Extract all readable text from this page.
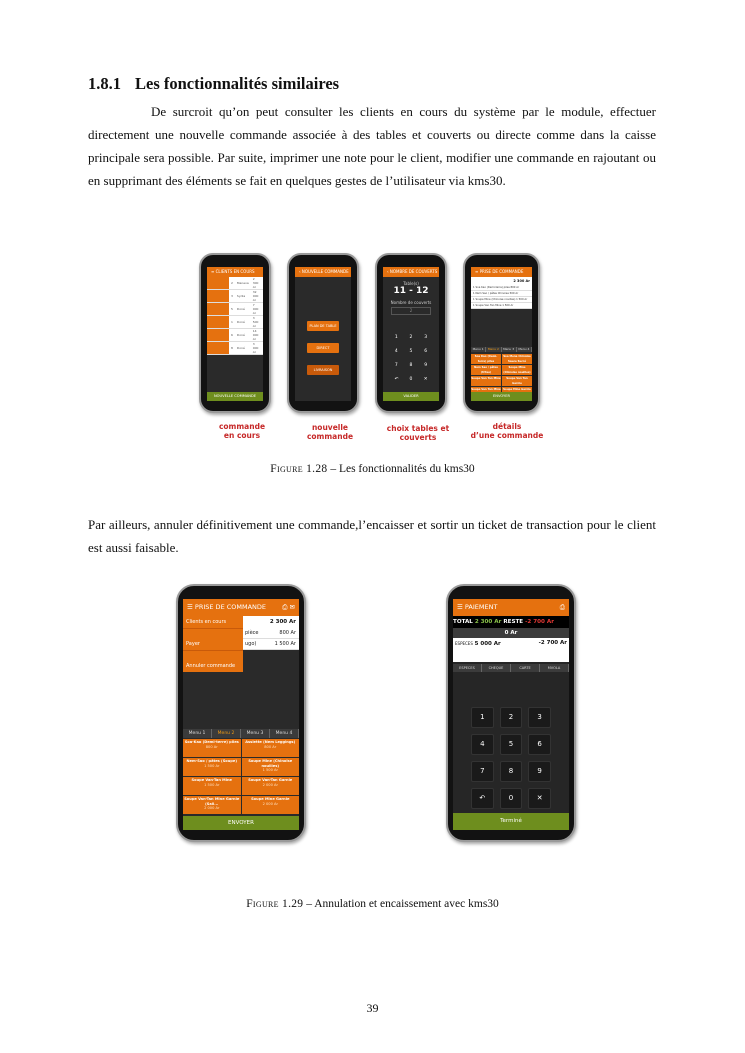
1.8.1 Les fonctionnalités similaires
De surcroit qu’on peut consulter les clients en cours du système par le module, effectuer directement une nouvelle commande associée à des tables et couverts ou directe comme dans la caisse principale sera possible. Par suite, imprimer une note pour le client, modifier une commande en rajoutant ou en supprimant des éléments se fait en quelques gestes de l’utilisateur via kms30.
≡ CLIENTS EN COURS
	2	Maneva	2 300 Ar
	3	Sydia	32 000 Ar
	5	Doné	7 000 Ar
	1	Doné	3 500 Ar
	6	Doné	14 000 Ar
	8	Doné	3 000 Ar
NOUVELLE COMMANDE
‹ NOUVELLE COMMANDE
PLAN DE TABLE
DIRECT
LIVRAISON
‹ NOMBRE DE COUVERTS
Table(s)
11 - 12
Nombre de couverts
2
1	2	3
4	5	6
7	8	9
↶	0	✕
VALIDER
≡ PRISE DE COMMANDE
2 300 Ar
1 Soa Kao (Demi-terre) piles 800 Ar
1 Nem Sao / pâtes Chinoise 500 Ar
1 Soupe Mine (Chinoise nouilles) 1 500 Ar
1 Soupe Van Tan Mine 1 500 Ar
Menu 1	Menu 2	Menu 3	Menu 4
Soa Kao (Demi-terre) piles
Soa Mena Chinoise Sauce Sucré
Nem Sao / pâtes (frites)
Soupe Mine (Chinoise nouilles)
Soupe Van Tan Mine	Soupe Van Tan Garnie
Soupe Van Tan Mine Soupe Mine Garnie
ENVOYER
commande
en cours
nouvelle
commande
choix tables et
couverts
détails
d’une commande
Figure 1.28 – Les fonctionnalités du kms30
Par ailleurs, annuler définitivement une commande,l’encaisser et sortir un ticket de transaction pour le client est aussi faisable.
☰ PRISE DE COMMANDE	⎙ ✉
2 300 Ar
pièce	800 Ar
ugo)	1 500 Ar
Clients en cours
Payer
Annuler commande
Menu 1	Menu 2	Menu 3	Menu 4
Soa-Kao (Demi-terre) piles
800 Ar
Assiette (Nem Leggings)
800 Ar
Nem-Sao / pâtes (Soupe)
1 500 Ar
Soupe Mine (Chinoise nouilles)
1 500 Ar
Soupe Van-Tan Mine
1 500 Ar
Soupe Van-Tan Garnie
2 000 Ar
Soupe Van-Tan Mine Garnie (Sali...
2 000 Ar
Soupe Mine Garnie
2 000 Ar
ENVOYER
☰ PAIEMENT	⎙
TOTAL 2 300 Ar RESTE -2 700 Ar
0 Ar
ESPECES 5 000 Ar	-2 700 Ar
ESPECES	CHEQUE	CARTE	MVOLA
1	2	3
4	5	6
7	8	9
↶	0	✕
Terminé
Figure 1.29 – Annulation et encaissement avec kms30
39
